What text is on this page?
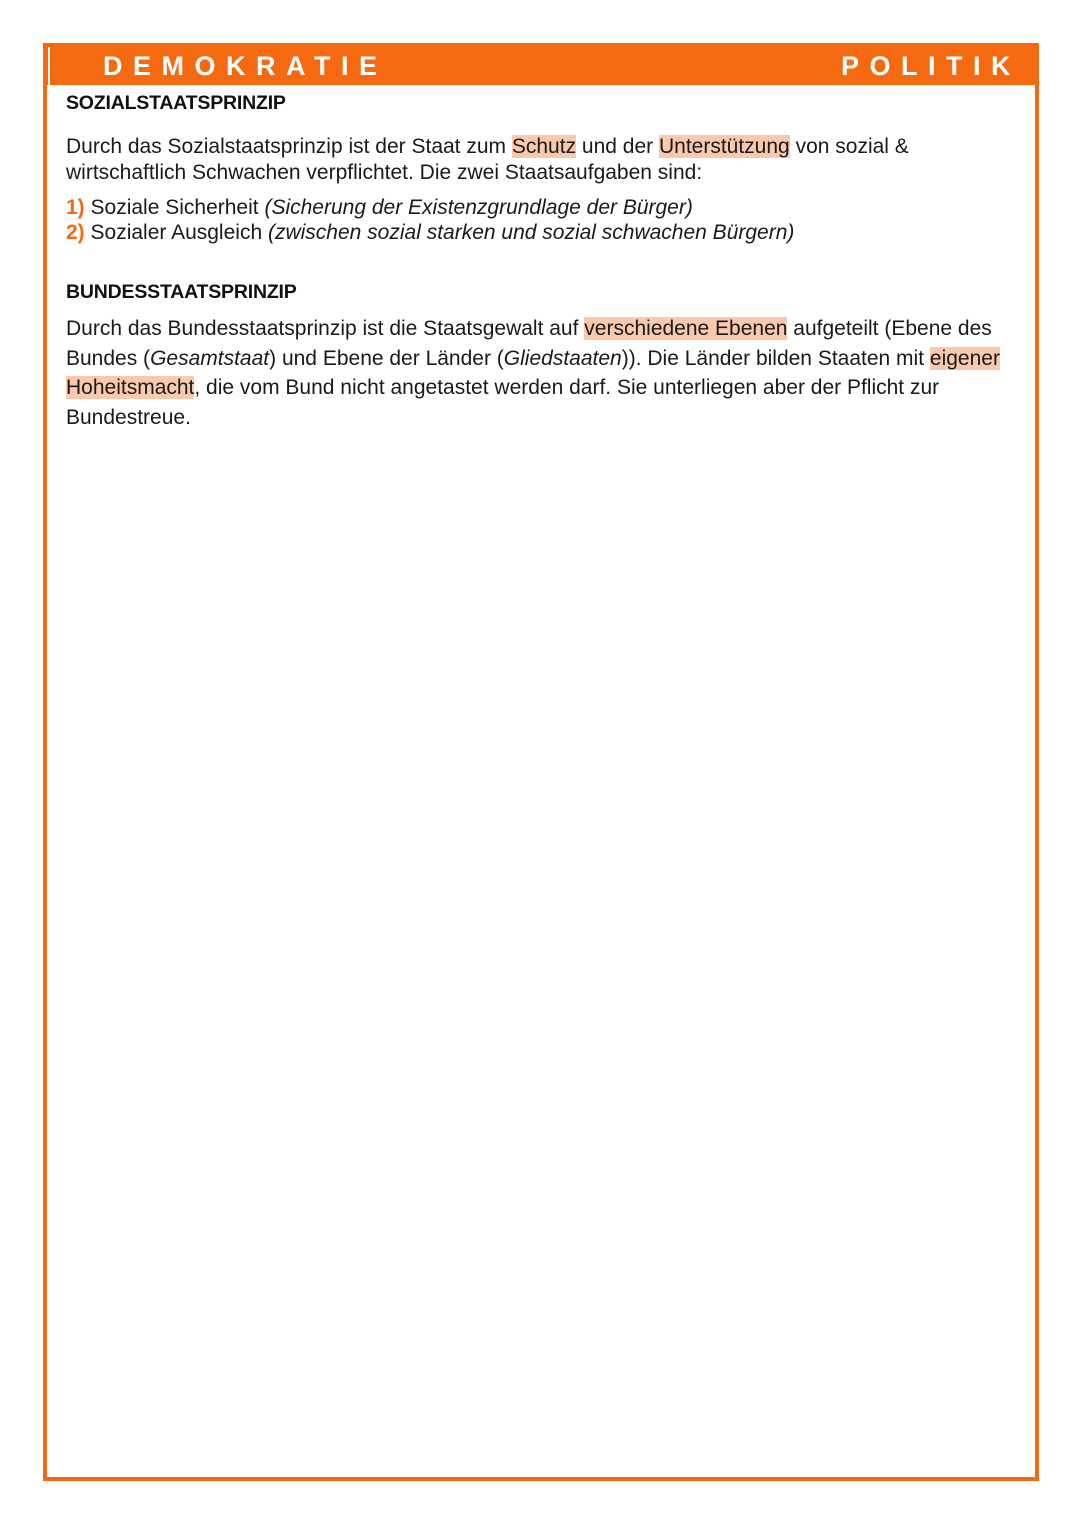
DEMOKRATIE	POLITIK
SOZIALSTAATSPRINZIP
Durch das Sozialstaatsprinzip ist der Staat zum Schutz und der Unterstützung von sozial & wirtschaftlich Schwachen verpflichtet. Die zwei Staatsaufgaben sind:
1) Soziale Sicherheit (Sicherung der Existenzgrundlage der Bürger)
2) Sozialer Ausgleich (zwischen sozial starken und sozial schwachen Bürgern)
BUNDESSTAATSPRINZIP
Durch das Bundesstaatsprinzip ist die Staatsgewalt auf verschiedene Ebenen aufgeteilt (Ebene des Bundes (Gesamtstaat) und Ebene der Länder (Gliedstaaten)). Die Länder bilden Staaten mit eigener Hoheitsmacht, die vom Bund nicht angetastet werden darf. Sie unterliegen aber der Pflicht zur Bundestreue.
